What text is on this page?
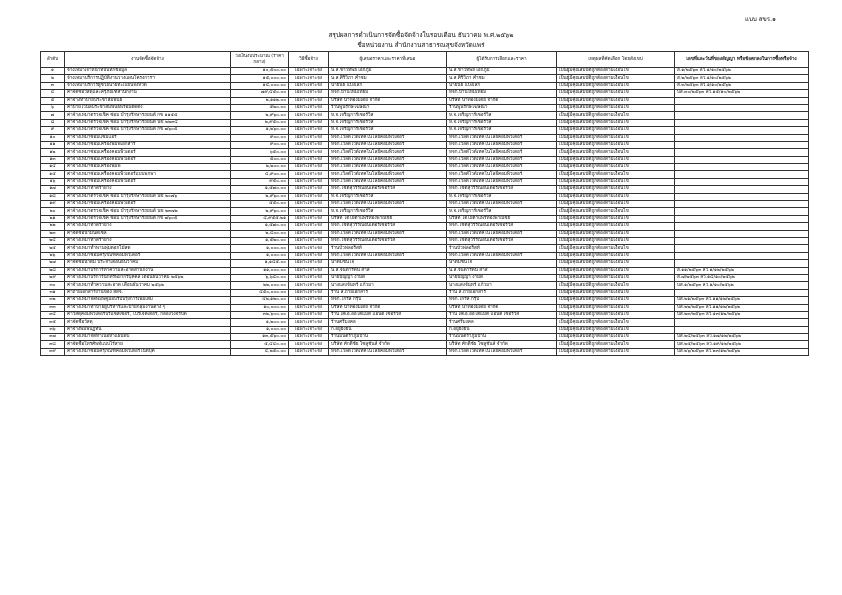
แบบ สขร.๑
สรุปผลการดำเนินการจัดซื้อจัดจ้างในรอบเดือน ธันวาคม พ.ศ.๒๕๖๒
ชื่อหน่วยงาน สำนักงานสาธารณสุขจังหวัดแพร่
ลำดับ	งานจัดซื้อจัดจ้าง	วงเงินงบประมาณ (ราคากลาง)	วิธีซื้อจ้าง	ผู้เสนอราคาและราคาที่เสนอ	ผู้ได้รับการเลือกและราคา	เหตุผลที่คัดเลือก โดยสังเขป	เลขที่และวันที่ของสัญญา หรือข้อตกลงในการซื้อหรือจ้าง
๑	จ้างเหมาเจ้าหน้าที่บันทึกข้อมูล	๑๐,๕๐๐.๐๐	เฉพาะเจาะจง	น.ส.ชาวทิพย์ เอกภูมิ	น.ส.ชาวทิพย์ เอกภูมิ	เป็นผู้มีคุณสมบัติถูกต้องตามเงื่อนไข	ส.๑/๒๕๖๓ ลว.๑/๑๐/๒๕๖๒
๒	จ้างเหมาบริการปฏิบัติงานวางแผนโครงการฯ	๑๕,๐๐๐.๐๐	เฉพาะเจาะจง	น.ส.ศิริวิภา คำชม	น.ส.ศิริวิภา คำชม	เป็นผู้มีคุณสมบัติถูกต้องตามเงื่อนไข	ส.๒/๒๕๖๓ ลว.๑/๑๐/๒๕๖๒
๓	จ้างเหมาบริการผู้ช่วยนายทะเบียนจังหวัด	๑๔,๐๐๐.๐๐	เฉพาะเจาะจง	นายนิธิ แปงเล็ก	นายนิธิ แปงเล็ก	เป็นผู้มีคุณสมบัติถูกต้องตามเงื่อนไข	ส.๓/๒๕๖๓ ลว.๑/๑๐/๒๕๖๒
๔	ค่าจัดซื้อวัสดุและครุภัณฑ์สำนักงาน	๗๙,๔๕๐.๐๐	เฉพาะเจาะจง	หจก.บ้านใหม่เทียม	หจก.บ้านใหม่เทียม	เป็นผู้มีคุณสมบัติถูกต้องตามเงื่อนไข	บส.๓๐/๒๕๖๓ ลว.๑๕/๑๐/๒๕๖๒
๕	ค่าจ้างทำป้ายประชาสัมพันธ์	๒,๑๑๒.๐๐	เฉพาะเจาะจง	บริษัท น้ำทองมีเดีย จำกัด	บริษัท น้ำทองมีเดีย จำกัด	เป็นผู้มีคุณสมบัติถูกต้องตามเงื่อนไข	
๖	ค่าป้ายไวนิลประชาสัมพันธ์พร้อมติดตั้ง	๕๒๐.๐๐	เฉพาะเจาะจง	ร้านพูนรักษ์โฆษณา	ร้านพูนรักษ์โฆษณา	เป็นผู้มีคุณสมบัติถูกต้องตามเงื่อนไข	
๗	ค่าจ้างเหมาตรวจเช็ค ซ่อม บำรุงรักษารถยนต์ กข ๑๑๕๕	๒,๙๖๐.๐๐	เฉพาะเจาะจง	ห.จ.เจริญการ์เซอร์วิส	ห.จ.เจริญการ์เซอร์วิส	เป็นผู้มีคุณสมบัติถูกต้องตามเงื่อนไข	
๘	ค่าจ้างเหมาตรวจเช็ค ซ่อม บำรุงรักษารถยนต์ นข ๒๒๓๔	๒,๙๕๐.๐๐	เฉพาะเจาะจง	ห.จ.เจริญการ์เซอร์วิส	ห.จ.เจริญการ์เซอร์วิส	เป็นผู้มีคุณสมบัติถูกต้องตามเงื่อนไข	
๙	ค่าจ้างเหมาตรวจเช็ค ซ่อม บำรุงรักษารถยนต์ กข ๗๖๐๕	๑,๒๖๐.๐๐	เฉพาะเจาะจง	ห.จ.เจริญการ์เซอร์วิส	ห.จ.เจริญการ์เซอร์วิส	เป็นผู้มีคุณสมบัติถูกต้องตามเงื่อนไข	
๑๐	ค่าจ้างเหมาซ่อมแซมแอร์	๙๐๐.๐๐	เฉพาะเจาะจง	หจก.เวิลด์ไวด์เทคโนโลยีคอมพิวเตอร์	หจก.เวิลด์ไวด์เทคโนโลยีคอมพิวเตอร์	เป็นผู้มีคุณสมบัติถูกต้องตามเงื่อนไข	
๑๑	ค่าจ้างเหมาซ่อมเครื่องพิมพ์เอกสาร	๙๐๐.๐๐	เฉพาะเจาะจง	หจก.เวิลด์ไวด์เทคโนโลยีคอมพิวเตอร์	หจก.เวิลด์ไวด์เทคโนโลยีคอมพิวเตอร์	เป็นผู้มีคุณสมบัติถูกต้องตามเงื่อนไข	
๑๒	ค่าจ้างเหมาซ่อมเครื่องคอมพิวเตอร์	๖๕๐.๐๐	เฉพาะเจาะจง	หจก.เวิลด์ไวด์เทคโนโลยีคอมพิวเตอร์	หจก.เวิลด์ไวด์เทคโนโลยีคอมพิวเตอร์	เป็นผู้มีคุณสมบัติถูกต้องตามเงื่อนไข	
๑๓	ค่าจ้างเหมาซ่อมเครื่องคอมพิวเตอร์	๕๐๐.๐๐	เฉพาะเจาะจง	หจก.เวิลด์ไวด์เทคโนโลยีคอมพิวเตอร์	หจก.เวิลด์ไวด์เทคโนโลยีคอมพิวเตอร์	เป็นผู้มีคุณสมบัติถูกต้องตามเงื่อนไข	
๑๔	ค่าจ้างเหมาซ่อมเครื่องพิมพ์	๒,๒๐๐.๐๐	เฉพาะเจาะจง	หจก.เวิลด์ไวด์เทคโนโลยีคอมพิวเตอร์	หจก.เวิลด์ไวด์เทคโนโลยีคอมพิวเตอร์	เป็นผู้มีคุณสมบัติถูกต้องตามเงื่อนไข	
๑๕	ค่าจ้างเหมาซ่อมเครื่องคอมพิวเตอร์แบบพกพา	๔,๙๐๐.๐๐	เฉพาะเจาะจง	หจก.เวิลด์ไวด์เทคโนโลยีคอมพิวเตอร์	หจก.เวิลด์ไวด์เทคโนโลยีคอมพิวเตอร์	เป็นผู้มีคุณสมบัติถูกต้องตามเงื่อนไข	
๑๖	ค่าจ้างเหมาซ่อมเครื่องคอมพิวเตอร์	๙๕๐.๐๐	เฉพาะเจาะจง	หจก.เวิลด์ไวด์เทคโนโลยีคอมพิวเตอร์	หจก.เวิลด์ไวด์เทคโนโลยีคอมพิวเตอร์	เป็นผู้มีคุณสมบัติถูกต้องตามเงื่อนไข	
๑๗	ค่าจ้างเหมาทำตรายาง	๑,๕๗๐.๐๐	เฉพาะเจาะจง	หจก.โชติสุวรรณอินเตอร์เซอร์วิส	หจก.โชติสุวรรณอินเตอร์เซอร์วิส	เป็นผู้มีคุณสมบัติถูกต้องตามเงื่อนไข	
๑๘	ค่าจ้างเหมาตรวจเช็ค ซ่อม บำรุงรักษารถยนต์ นข ๒๐๗๖	๒,๙๖๐.๐๐	เฉพาะเจาะจง	ห.จ.เจริญการ์เซอร์วิส	ห.จ.เจริญการ์เซอร์วิส	เป็นผู้มีคุณสมบัติถูกต้องตามเงื่อนไข	
๑๙	ค่าจ้างเหมาซ่อมเครื่องคอมพิวเตอร์	๕๕๐.๐๐	เฉพาะเจาะจง	หจก.เวิลด์ไวด์เทคโนโลยีคอมพิวเตอร์	หจก.เวิลด์ไวด์เทคโนโลยีคอมพิวเตอร์	เป็นผู้มีคุณสมบัติถูกต้องตามเงื่อนไข	
๒๐	ค่าจ้างเหมาตรวจเช็ค ซ่อม บำรุงรักษารถยนต์ นข ๒๓๗๒	๒,๙๖๐.๐๐	เฉพาะเจาะจง	ห.จ.เจริญการ์เซอร์วิส	ห.จ.เจริญการ์เซอร์วิส	เป็นผู้มีคุณสมบัติถูกต้องตามเงื่อนไข	
๒๑	ค่าจ้างเหมาตรวจเช็ค ซ่อม บำรุงรักษารถยนต์ กข ๗๖๐๕	๔,๙๕๕.๒๑	เฉพาะเจาะจง	บริษัท โตโยต้าแพร่ทองพาณิชย์	บริษัท โตโยต้าแพร่ทองพาณิชย์	เป็นผู้มีคุณสมบัติถูกต้องตามเงื่อนไข	
๒๒	ค่าจ้างเหมาทำตรายาง	๑,๕๗๐.๐๐	เฉพาะเจาะจง	หจก.โชติสุวรรณอินเตอร์เซอร์วิส	หจก.โชติสุวรรณอินเตอร์เซอร์วิส	เป็นผู้มีคุณสมบัติถูกต้องตามเงื่อนไข	
๒๓	ค่าจัดซื้อน้ำมันดีเซล	๒,๔๐๐.๐๐	เฉพาะเจาะจง	หจก.เวิลด์ไวด์เทคโนโลยีคอมพิวเตอร์	หจก.เวิลด์ไวด์เทคโนโลยีคอมพิวเตอร์	เป็นผู้มีคุณสมบัติถูกต้องตามเงื่อนไข	
๒๔	ค่าจ้างเหมาทำตรายาง	๑,๕๒๐.๐๐	เฉพาะเจาะจง	หจก.โชติสุวรรณอินเตอร์เซอร์วิส	หจก.โชติสุวรรณอินเตอร์เซอร์วิส	เป็นผู้มีคุณสมบัติถูกต้องตามเงื่อนไข	
๒๕	ค่าจ้างเหมาทำพานพุ่มดอกไม้สด	๑,๐๐๐.๐๐	เฉพาะเจาะจง	ร้านบัวฟลอริสท์	ร้านบัวฟลอริสท์	เป็นผู้มีคุณสมบัติถูกต้องตามเงื่อนไข	
๒๖	ค่าจ้างเหมาซ่อมครุภัณฑ์คอมพิวเตอร์	๑,๐๐๐.๐๐	เฉพาะเจาะจง	หจก.เวิลด์ไวด์เทคโนโลยีคอมพิวเตอร์	หจก.เวิลด์ไวด์เทคโนโลยีคอมพิวเตอร์	เป็นผู้มีคุณสมบัติถูกต้องตามเงื่อนไข	
๒๗	ค่าจัดซื้อน้ำดื่ม ประจำเดือนธันวาคม	๑,๑๔๕.๐๐	เฉพาะเจาะจง	น้ำดื่มชินโจ	น้ำดื่มชินโจ	เป็นผู้มีคุณสมบัติถูกต้องตามเงื่อนไข	
๒๘	ค่าจ้างเหมาบริการทำความสะอาดสำนักงาน	๑๑,๐๐๐.๐๐	เฉพาะเจาะจง	น.ส.จินตารัตน์ สาสี	น.ส.จินตารัตน์ สาสี	เป็นผู้มีคุณสมบัติถูกต้องตามเงื่อนไข	ส.๑๑/๒๕๖๓ ลว.๑/๑๒/๒๕๖๒
๒๙	ค่าจ้างเหมาบริการนักทรัพยากรบุคคล เดือนธันวาคม ๒๕๖๒	๖,๖๔๐.๐๐	เฉพาะเจาะจง	นายปัญญา งามดี	นายปัญญา งามดี	เป็นผู้มีคุณสมบัติถูกต้องตามเงื่อนไข	ส.๗/๒๕๖๓ ลว.๑๔/๑๐/๒๕๖๒
๓๐	ค่าจ้างเหมาทำความสะอาด เดือนธันวาคม ๒๕๖๒	๒๒,๐๐๐.๐๐	เฉพาะเจาะจง	นางแสงจันทร์ แก้วมา	นางแสงจันทร์ แก้วมา	เป็นผู้มีคุณสมบัติถูกต้องตามเงื่อนไข	บส.๑/๒๕๖๓ ลว.๑/๑๐/๒๕๖๒
๓๑	ค่าถ่ายเอกสารงานของ สสจ.	๔๕๐,๐๐๐.๐๐	เฉพาะเจาะจง	ร้าน ส.ถ่ายเอกสาร	ร้าน ส.ถ่ายเอกสาร	เป็นผู้มีคุณสมบัติถูกต้องตามเงื่อนไข	
๓๒	ค่าจ้างเหมาจัดพิมพ์คู่มือปรับปรุงการเพิ่มเติม	๔๒,๑๒๐.๐๐	เฉพาะเจาะจง	หจก.โกรลิ์ กรุ๊ป	หจก.โกรลิ์ กรุ๊ป	เป็นผู้มีคุณสมบัติถูกต้องตามเงื่อนไข	บส.๒๑/๒๕๖๓ ลว.๑๑/๑๒/๒๕๖๒
๓๓	ค่าจ้างเหมาทำป้ายผู้บริหารและป้ายกลุ่มงานต่าง ๆ	๑๐,๐๐๐.๐๐	เฉพาะเจาะจง	บริษัท น้ำทองมีเดีย จำกัด	บริษัท น้ำทองมีเดีย จำกัด	เป็นผู้มีคุณสมบัติถูกต้องตามเงื่อนไข	บส.๒๒/๒๕๖๓ ลว.๑๑/๑๒/๒๕๖๒
๓๔	ค่าวัสดุคอมพิวเตอร์ปรแซสเซอร์, โปรเจคเตอร์, กล้องวงจรปิด	๓๒,๖๐๐.๐๐	เฉพาะเจาะจง	ร้าน เคเอ.ออโต้แมติ แอนด์ เซอร์วิส	ร้าน เคเอ.ออโต้แมติ แอนด์ เซอร์วิส	เป็นผู้มีคุณสมบัติถูกต้องตามเงื่อนไข	บส.๒๓/๒๕๖๓ ลว.๑๓/๑๒/๒๕๖๒
๓๕	ค่าจัดซื้อวัสดุ	๑,๒๐๐.๐๐	เฉพาะเจาะจง	ร้านศรีมงคล	ร้านศรีมงคล	เป็นผู้มีคุณสมบัติถูกต้องตามเงื่อนไข	
๓๖	ค่าจ้างพิมพ์ปฏิทิน	๑,๐๐๐.๐๐	เฉพาะเจาะจง	ก.อยู่ยั่งยืน	ก.อยู่ยั่งยืน	เป็นผู้มีคุณสมบัติถูกต้องตามเงื่อนไข	
๓๗	ค่าจ้างเหมาจัดทำเนื้อหาแผ่นพับ	๑๓,๕๖๐.๐๐	เฉพาะเจาะจง	ร้านมนตราภูมิบ้าน	ร้านมนตราภูมิบ้าน	เป็นผู้มีคุณสมบัติถูกต้องตามเงื่อนไข	บส.๒๔/๒๕๖๓ ลว.๑๗/๑๒/๒๕๖๒
๓๘	ค่าจัดซื้อโทรศัพท์แบบไร้สาย	๕,๔๔๐.๐๐	เฉพาะเจาะจง	บริษัท ศักดิ์ชัย โซลูชั่นส์ จำกัด	บริษัท ศักดิ์ชัย โซลูชั่นส์ จำกัด	เป็นผู้มีคุณสมบัติถูกต้องตามเงื่อนไข	บส.๒๕/๒๕๖๓ ลว.๑๙/๑๒/๒๕๖๒
๓๙	ค่าจ้างเหมาซ่อมครุภัณฑ์คอมพิวเตอร์โน๊ตบุ๊ค	๔,๒๕๐.๐๐	เฉพาะเจาะจง	หจก.เวิลด์ไวด์เทคโนโลยีคอมพิวเตอร์	หจก.เวิลด์ไวด์เทคโนโลยีคอมพิวเตอร์	เป็นผู้มีคุณสมบัติถูกต้องตามเงื่อนไข	บส.๒๖/๒๕๖๓ ลว.๒๓/๑๒/๒๕๖๒
